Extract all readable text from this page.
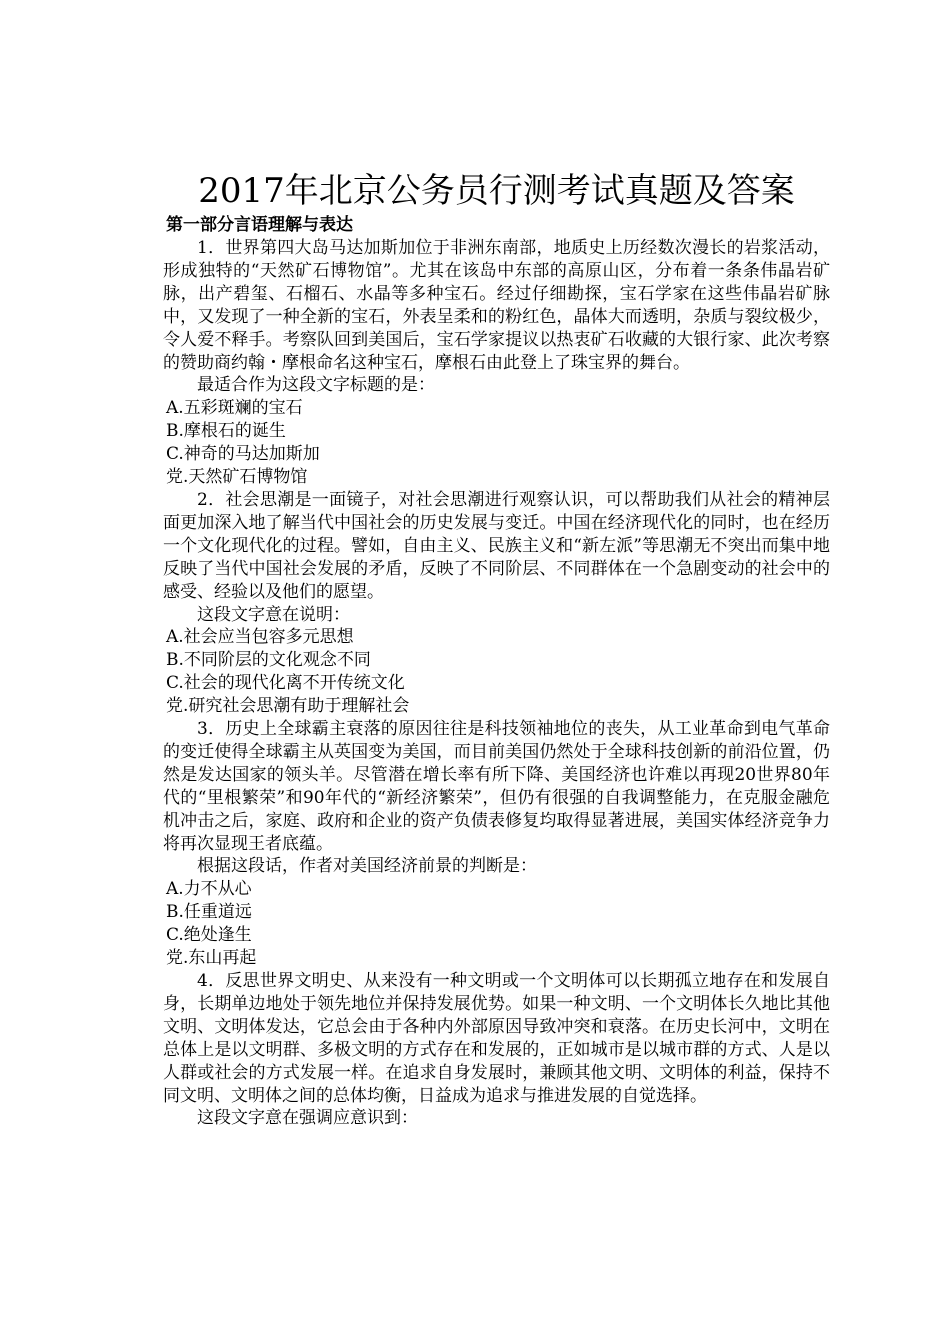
2017年北京公务员行测考试真题及答案
第一部分言语理解与表达

1．世界第四大岛马达加斯加位于非洲东南部，地质史上历经数次漫长的岩浆活动，形成独特的“天然矿石博物馆”。尤其在该岛中东部的高原山区，分布着一条条伟晶岩矿脉，出产碧玺、石榴石、水晶等多种宝石。经过仔细勘探，宝石学家在这些伟晶岩矿脉中，又发现了一种全新的宝石，外表呈柔和的粉红色，晶体大而透明，杂质与裂纹极少，令人爱不释手。考察队回到美国后，宝石学家提议以热衷矿石收藏的大银行家、此次考察的赞助商约翰・摩根命名这种宝石，摩根石由此登上了珠宝界的舞台。

最适合作为这段文字标题的是：

A.五彩斑斓的宝石

B.摩根石的诞生

C.神奇的马达加斯加

党.天然矿石博物馆

2．社会思潮是一面镜子，对社会思潮进行观察认识，可以帮助我们从社会的精神层面更加深入地了解当代中国社会的历史发展与变迁。中国在经济现代化的同时，也在经历一个文化现代化的过程。譬如，自由主义、民族主义和“新左派”等思潮无不突出而集中地反映了当代中国社会发展的矛盾，反映了不同阶层、不同群体在一个急剧变动的社会中的感受、经验以及他们的愿望。

这段文字意在说明：

A.社会应当包容多元思想

B.不同阶层的文化观念不同

C.社会的现代化离不开传统文化

党.研究社会思潮有助于理解社会

3．历史上全球霸主衰落的原因往往是科技领袖地位的丧失，从工业革命到电气革命的变迁使得全球霸主从英国变为美国，而目前美国仍然处于全球科技创新的前沿位置，仍然是发达国家的领头羊。尽管潜在增长率有所下降、美国经济也许难以再现20世界80年代的“里根繁荣”和90年代的“新经济繁荣”，但仍有很强的自我调整能力，在克服金融危机冲击之后，家庭、政府和企业的资产负债表修复均取得显著进展，美国实体经济竞争力将再次显现王者底蕴。

根据这段话，作者对美国经济前景的判断是：

A.力不从心

B.任重道远

C.绝处逢生

党.东山再起

4．反思世界文明史、从来没有一种文明或一个文明体可以长期孤立地存在和发展自身，长期单边地处于领先地位并保持发展优势。如果一种文明、一个文明体长久地比其他文明、文明体发达，它总会由于各种内外部原因导致冲突和衰落。在历史长河中，文明在总体上是以文明群、多极文明的方式存在和发展的，正如城市是以城市群的方式、人是以人群或社会的方式发展一样。在追求自身发展时，兼顾其他文明、文明体的利益，保持不同文明、文明体之间的总体均衡，日益成为追求与推进发展的自觉选择。

这段文字意在强调应意识到：
